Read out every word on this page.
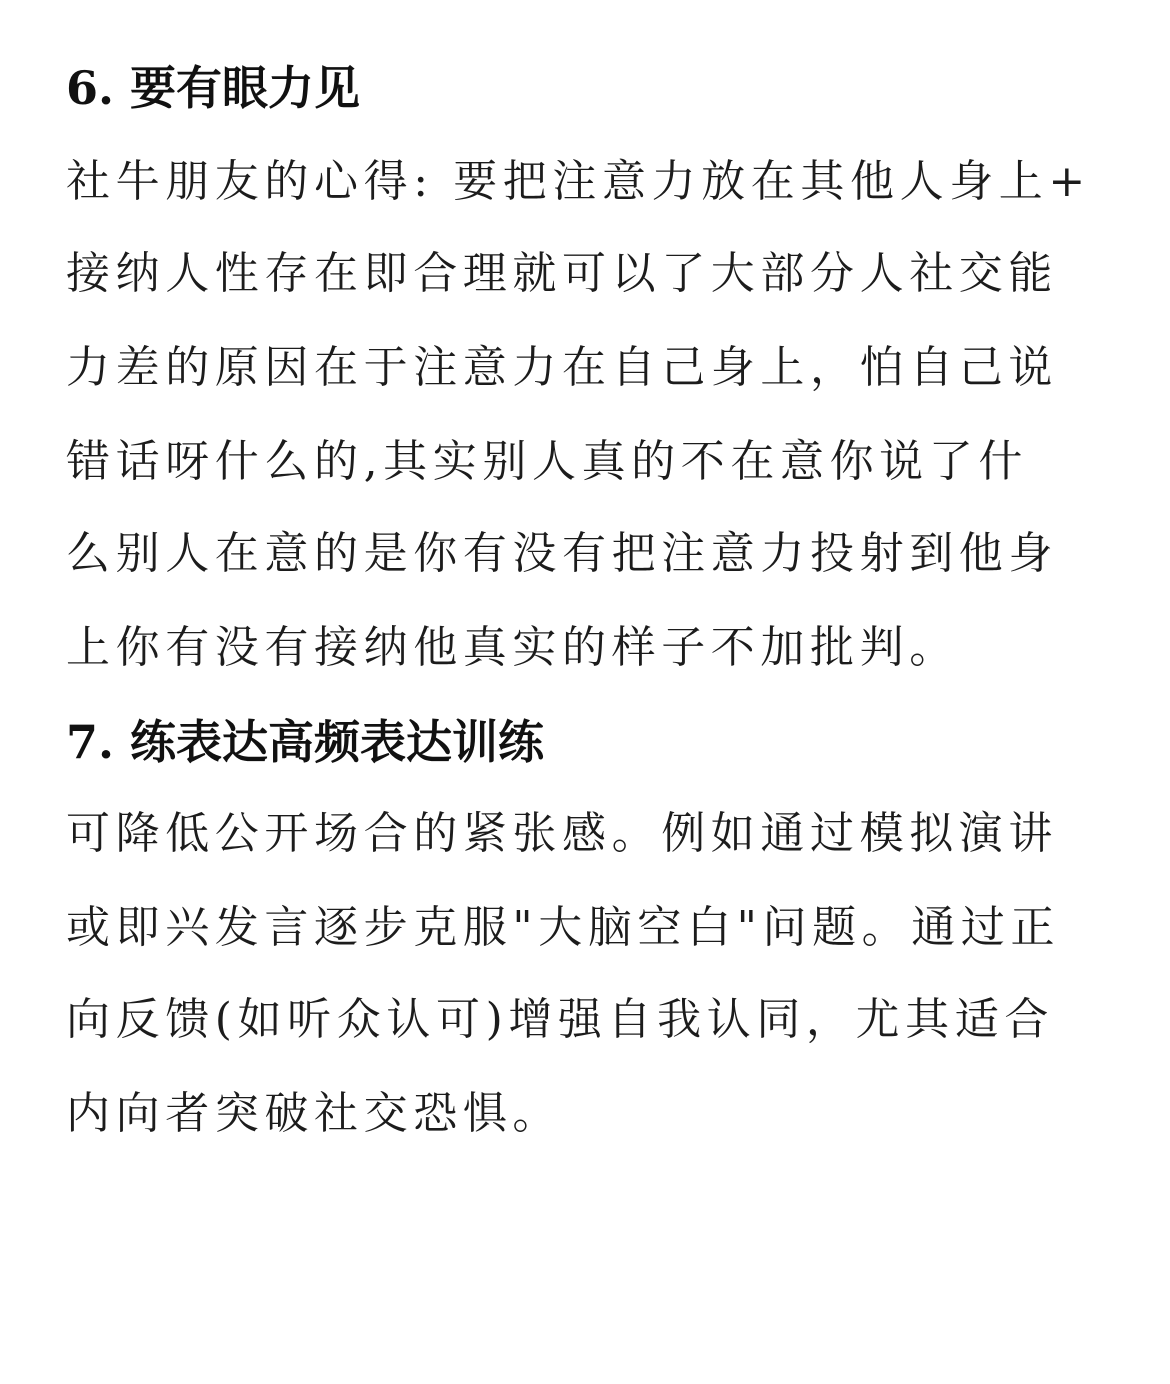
6. 要有眼力见
社牛朋友的心得: 要把注意力放在其他人身上+
接纳人性存在即合理就可以了大部分人社交能
力差的原因在于注意力在自己身上，怕自己说
错话呀什么的,其实别人真的不在意你说了什
么别人在意的是你有没有把注意力投射到他身
上你有没有接纳他真实的样子不加批判。
7. 练表达高频表达训练
可降低公开场合的紧张感。例如通过模拟演讲
或即兴发言逐步克服"大脑空白"问题。通过正
向反馈(如听众认可)增强自我认同，尤其适合
内向者突破社交恐惧。
